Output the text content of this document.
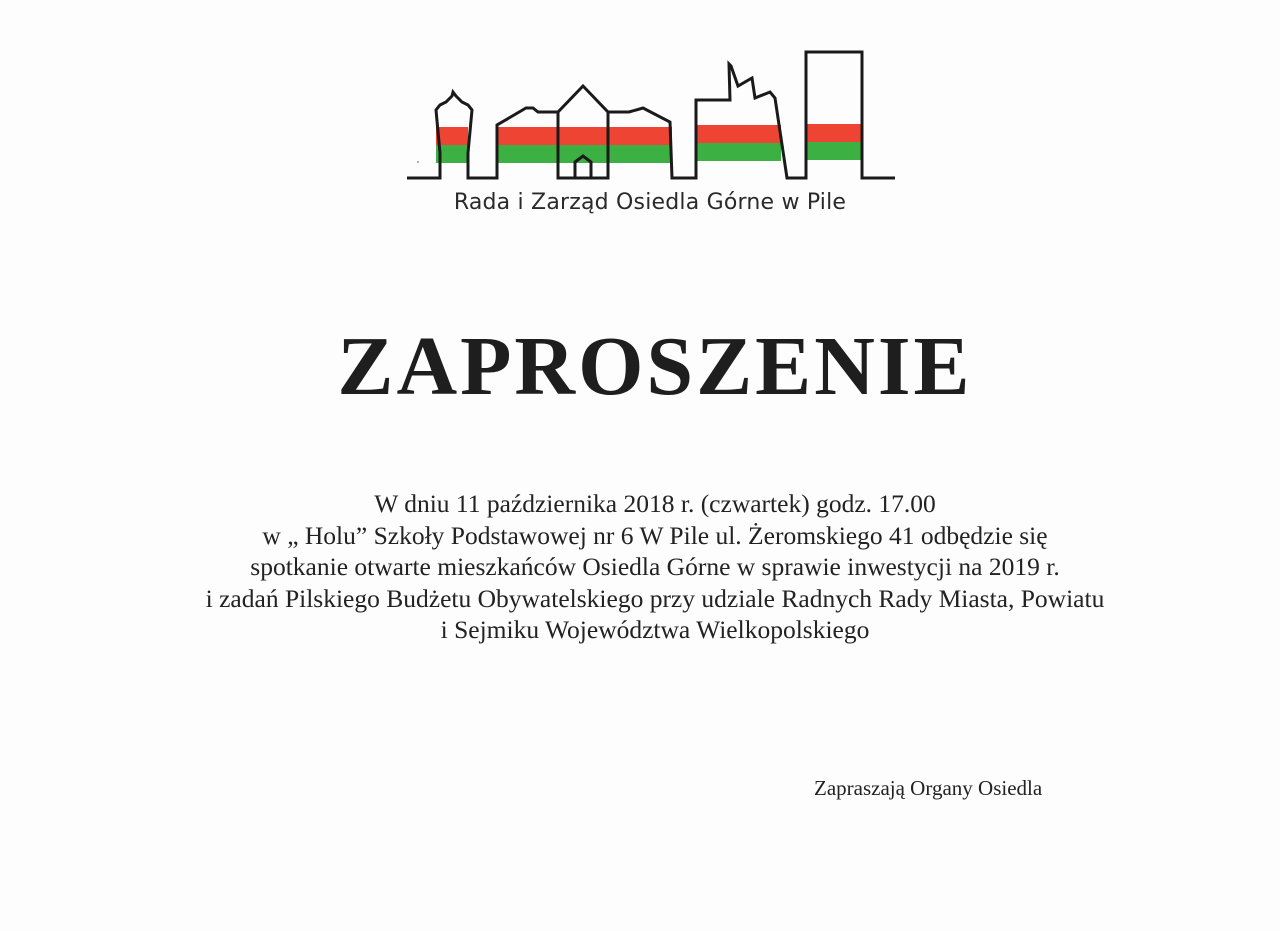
Rada i Zarząd Osiedla Górne w Pile
ZAPROSZENIE
W dniu 11 października 2018 r. (czwartek) godz. 17.00
w „ Holu” Szkoły Podstawowej nr 6 W Pile ul. Żeromskiego 41 odbędzie się
spotkanie otwarte mieszkańców Osiedla Górne w sprawie inwestycji na 2019 r.
i zadań Pilskiego Budżetu Obywatelskiego przy udziale Radnych Rady Miasta, Powiatu
i Sejmiku Województwa Wielkopolskiego
Zapraszają Organy Osiedla
